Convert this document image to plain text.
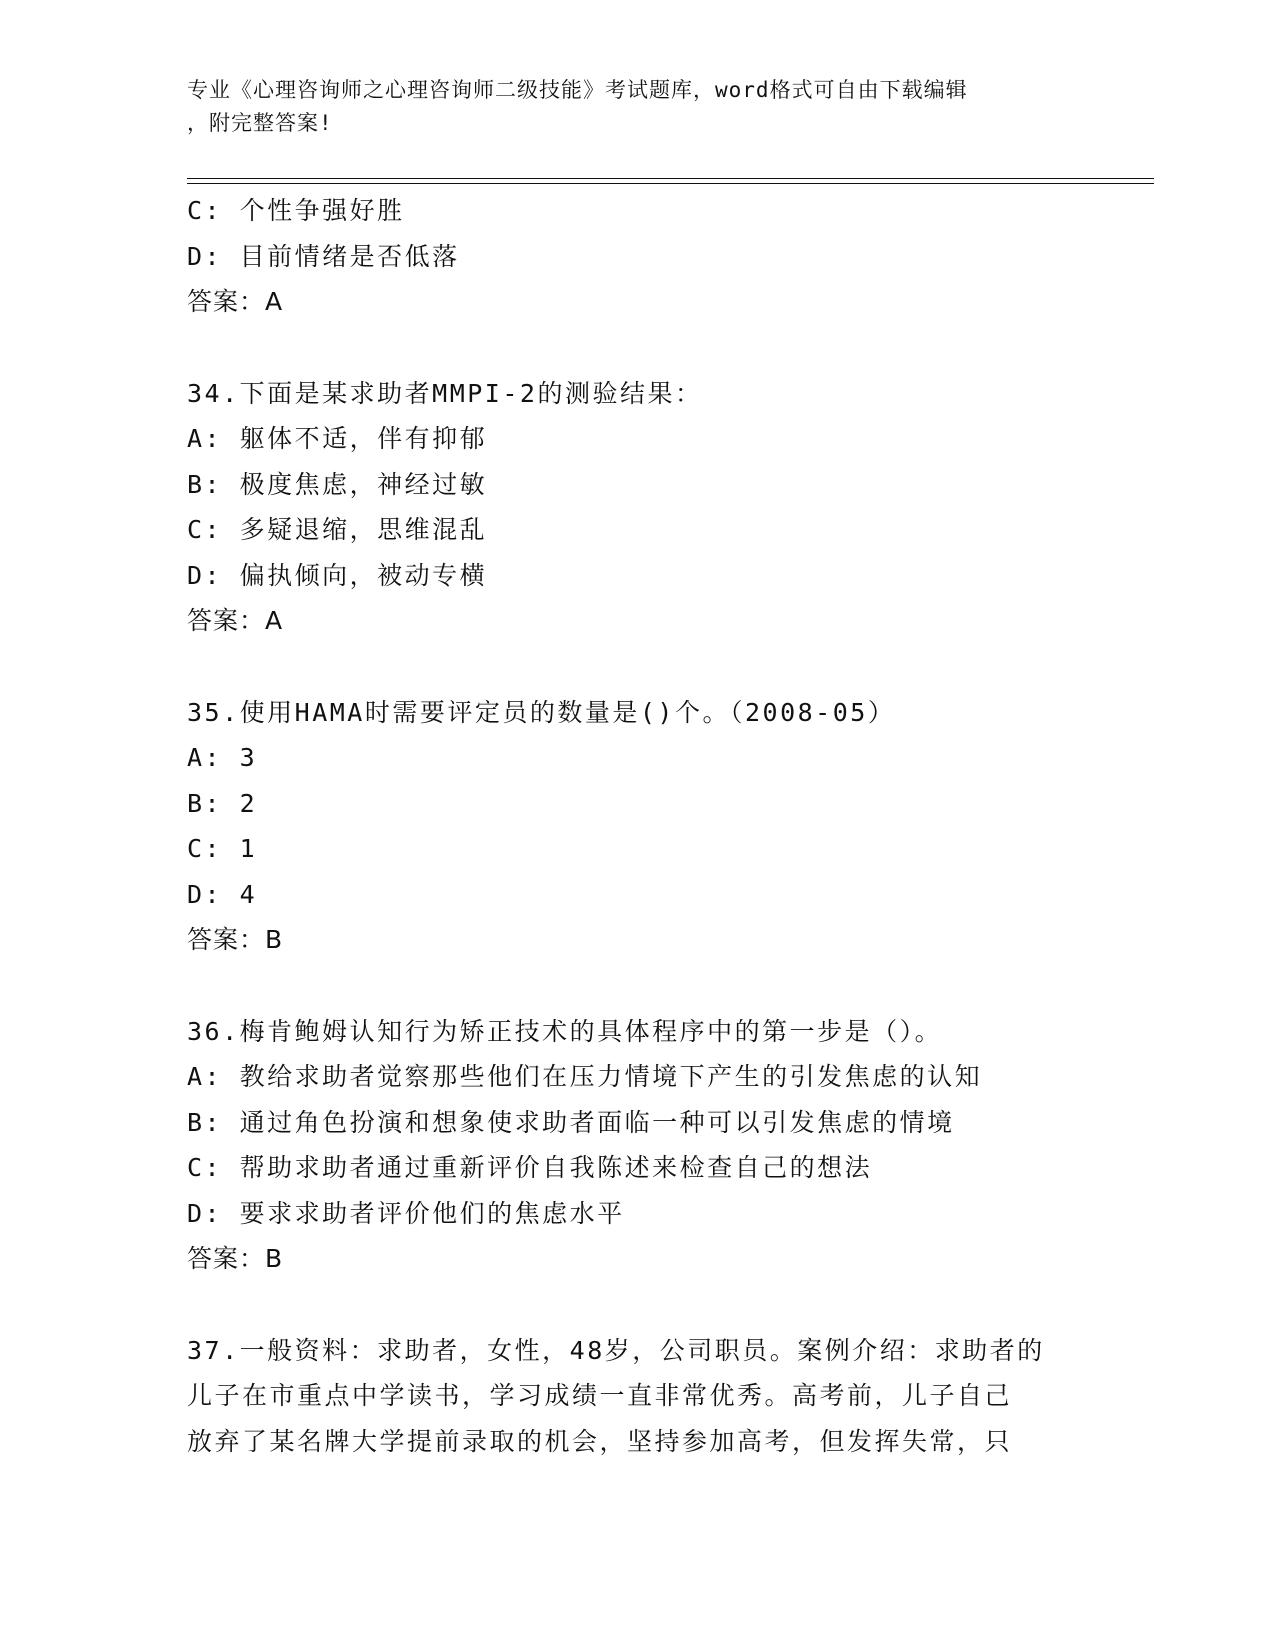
专业《心理咨询师之心理咨询师二级技能》考试题库，word格式可自由下载编辑
，附完整答案!
C: 个性争强好胜
D: 目前情绪是否低落
答案：A
34.下面是某求助者MMPI-2的测验结果：
A: 躯体不适，伴有抑郁
B: 极度焦虑，神经过敏
C: 多疑退缩，思维混乱
D: 偏执倾向，被动专横
答案：A
35.使用HAMA时需要评定员的数量是()个。（2008-05）
A: 3
B: 2
C: 1
D: 4
答案：B
36.梅肯鲍姆认知行为矫正技术的具体程序中的第一步是（）。
A: 教给求助者觉察那些他们在压力情境下产生的引发焦虑的认知
B: 通过角色扮演和想象使求助者面临一种可以引发焦虑的情境
C: 帮助求助者通过重新评价自我陈述来检查自己的想法
D: 要求求助者评价他们的焦虑水平
答案：B
37.一般资料：求助者，女性，48岁，公司职员。案例介绍：求助者的
儿子在市重点中学读书，学习成绩一直非常优秀。高考前，儿子自己
放弃了某名牌大学提前录取的机会，坚持参加高考，但发挥失常，只
